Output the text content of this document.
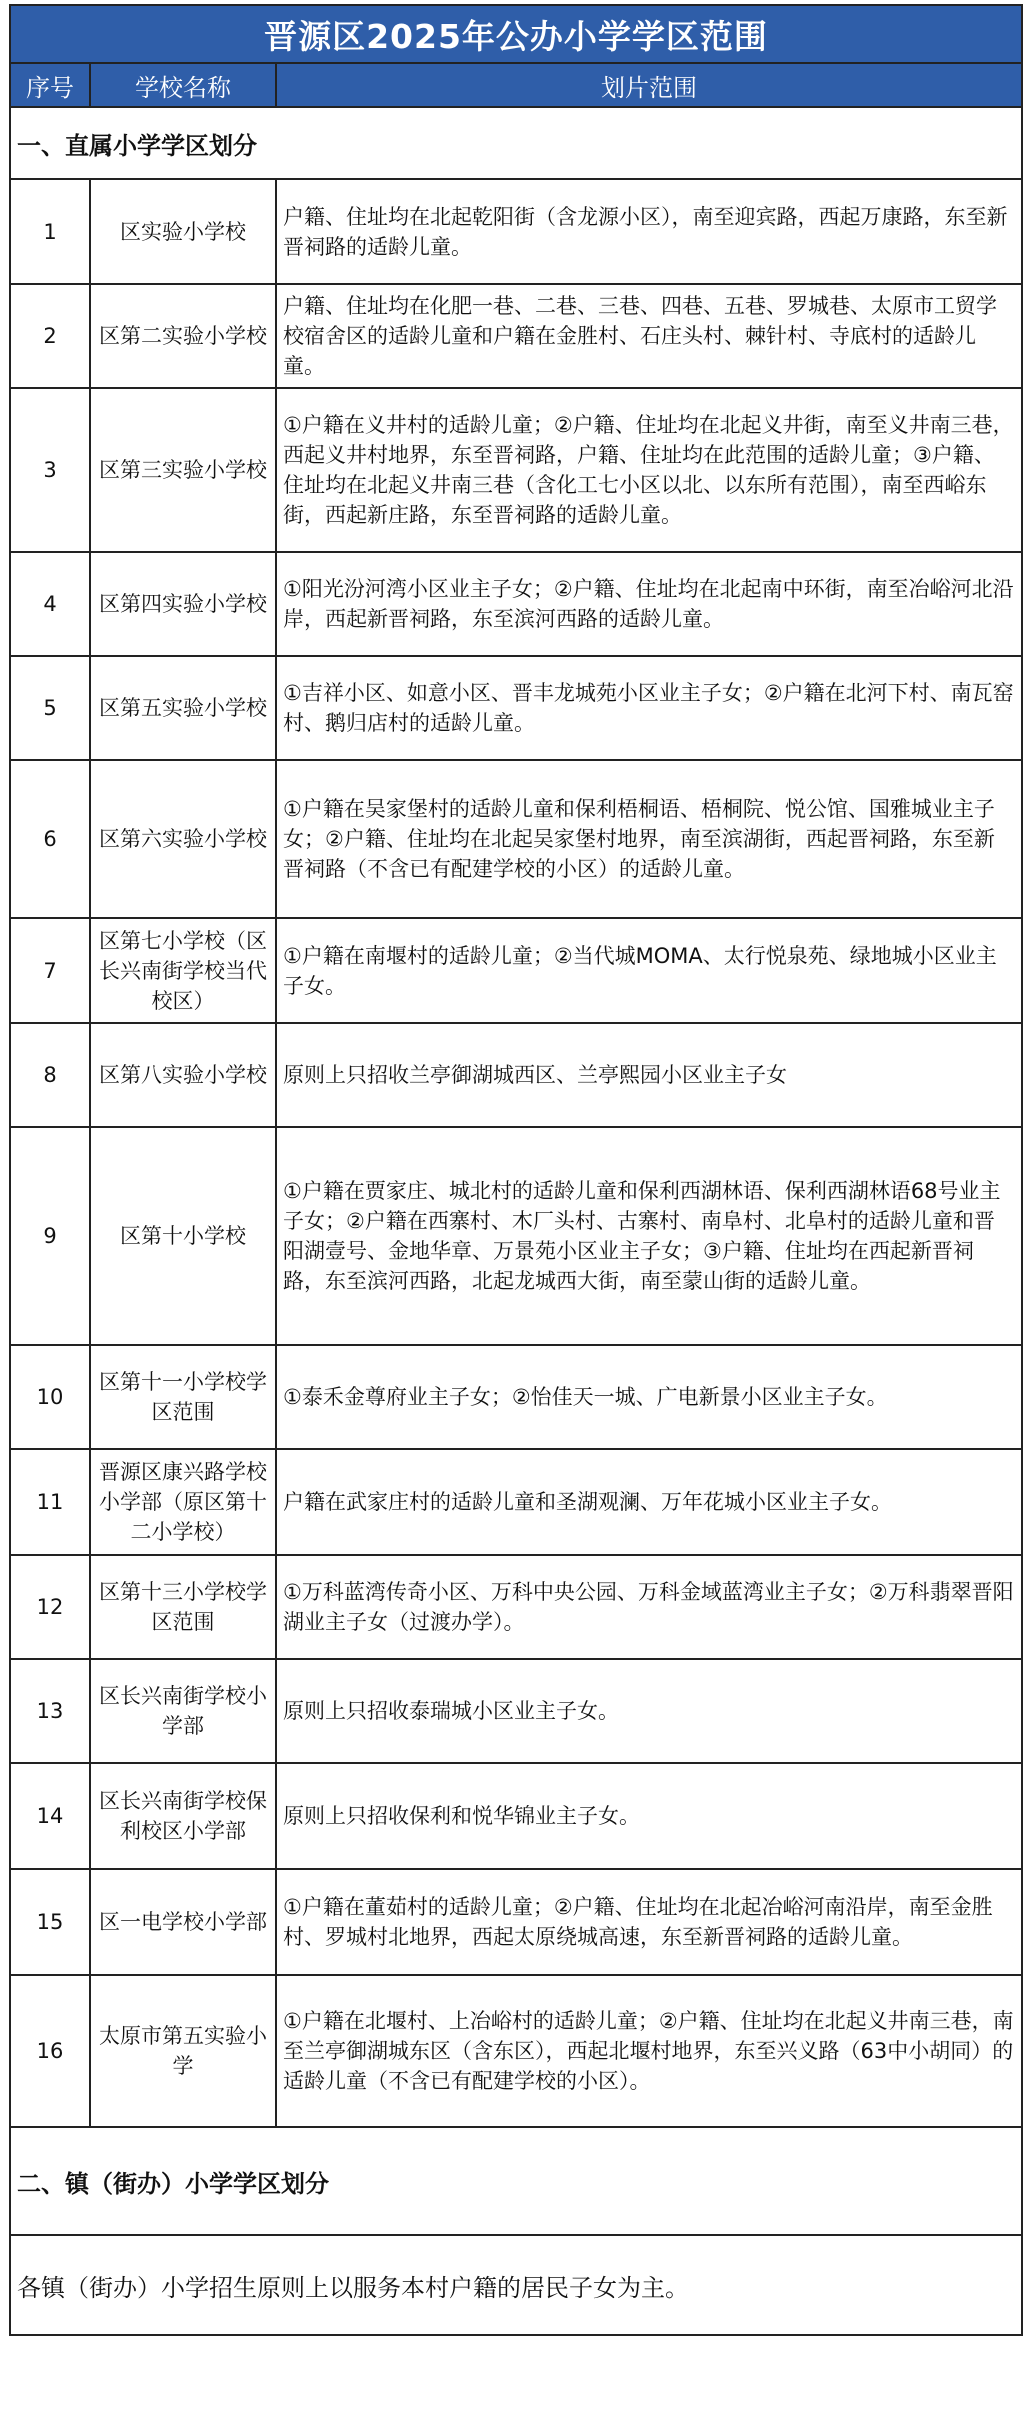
晋源区2025年公办小学学区范围		
序号	学校名称	划片范围
一、直属小学学区划分		
1	区实验小学校	户籍、住址均在北起乾阳街（含龙源小区），南至迎宾路，西起万康路，东至新晋祠路的适龄儿童。
2	区第二实验小学校	户籍、住址均在化肥一巷、二巷、三巷、四巷、五巷、罗城巷、太原市工贸学校宿舍区的适龄儿童和户籍在金胜村、石庄头村、棘针村、寺底村的适龄儿童。
3	区第三实验小学校	①户籍在义井村的适龄儿童；②户籍、住址均在北起义井街，南至义井南三巷，西起义井村地界，东至晋祠路，户籍、住址均在此范围的适龄儿童；③户籍、住址均在北起义井南三巷（含化工七小区以北、以东所有范围），南至西峪东街，西起新庄路，东至晋祠路的适龄儿童。
4	区第四实验小学校	①阳光汾河湾小区业主子女；②户籍、住址均在北起南中环街，南至冶峪河北沿岸，西起新晋祠路，东至滨河西路的适龄儿童。
5	区第五实验小学校	①吉祥小区、如意小区、晋丰龙城苑小区业主子女；②户籍在北河下村、南瓦窑村、鹅归店村的适龄儿童。
6	区第六实验小学校	①户籍在吴家堡村的适龄儿童和保利梧桐语、梧桐院、悦公馆、国雅城业主子女；②户籍、住址均在北起吴家堡村地界，南至滨湖街，西起晋祠路，东至新晋祠路（不含已有配建学校的小区）的适龄儿童。
7	区第七小学校（区长兴南街学校当代校区）	①户籍在南堰村的适龄儿童；②当代城MOMA、太行悦泉苑、绿地城小区业主子女。
8	区第八实验小学校	原则上只招收兰亭御湖城西区、兰亭熙园小区业主子女
9	区第十小学校	①户籍在贾家庄、城北村的适龄儿童和保利西湖林语、保利西湖林语68号业主子女；②户籍在西寨村、木厂头村、古寨村、南阜村、北阜村的适龄儿童和晋阳湖壹号、金地华章、万景苑小区业主子女；③户籍、住址均在西起新晋祠路，东至滨河西路，北起龙城西大街，南至蒙山街的适龄儿童。
10	区第十一小学校学区范围	①泰禾金尊府业主子女；②怡佳天一城、广电新景小区业主子女。
11	晋源区康兴路学校小学部（原区第十二小学校）	户籍在武家庄村的适龄儿童和圣湖观澜、万年花城小区业主子女。
12	区第十三小学校学区范围	①万科蓝湾传奇小区、万科中央公园、万科金域蓝湾业主子女；②万科翡翠晋阳湖业主子女（过渡办学）。
13	区长兴南街学校小学部	原则上只招收泰瑞城小区业主子女。
14	区长兴南街学校保利校区小学部	原则上只招收保利和悦华锦业主子女。
15	区一电学校小学部	①户籍在董茹村的适龄儿童；②户籍、住址均在北起冶峪河南沿岸，南至金胜村、罗城村北地界，西起太原绕城高速，东至新晋祠路的适龄儿童。
16	太原市第五实验小学	①户籍在北堰村、上冶峪村的适龄儿童；②户籍、住址均在北起义井南三巷，南至兰亭御湖城东区（含东区），西起北堰村地界，东至兴义路（63中小胡同）的适龄儿童（不含已有配建学校的小区）。
二、镇（街办）小学学区划分		
各镇（街办）小学招生原则上以服务本村户籍的居民子女为主。		
